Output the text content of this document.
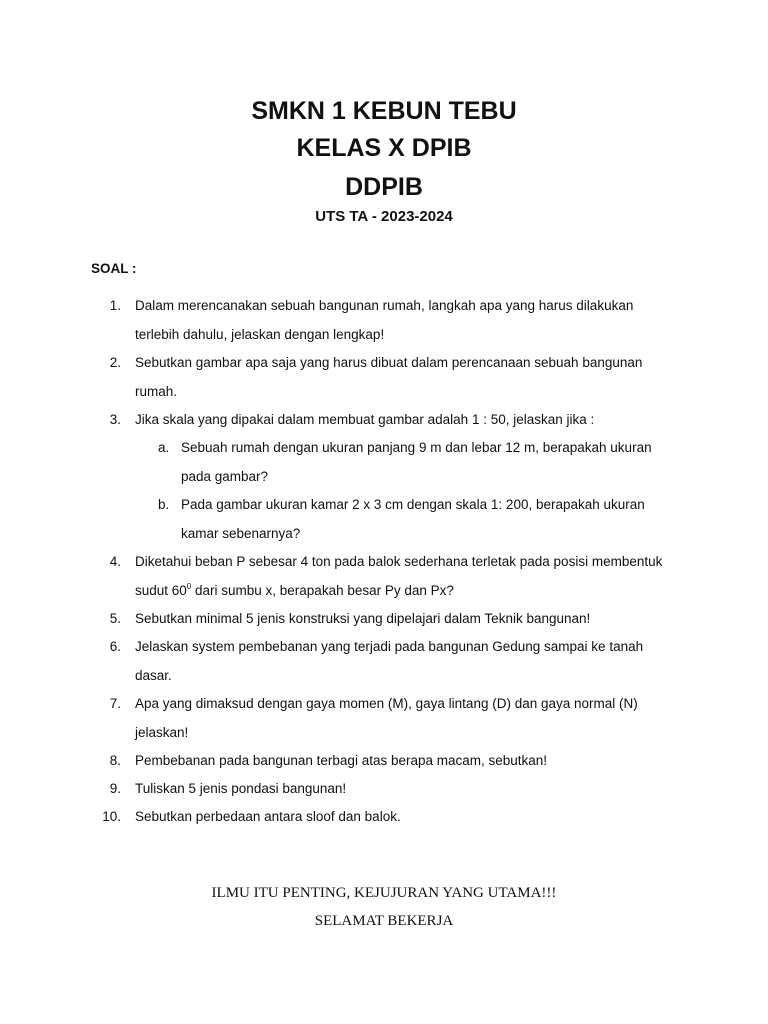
SMKN 1 KEBUN TEBU
KELAS X DPIB
DDPIB
UTS TA - 2023-2024
SOAL :
1. Dalam merencanakan sebuah bangunan rumah, langkah apa yang harus dilakukan
terlebih dahulu, jelaskan dengan lengkap!
2. Sebutkan gambar apa saja yang harus dibuat dalam perencanaan sebuah bangunan
rumah.
3. Jika skala yang dipakai dalam membuat gambar adalah 1 : 50, jelaskan jika :
a. Sebuah rumah dengan ukuran panjang 9 m dan lebar 12 m, berapakah ukuran
pada gambar?
b. Pada gambar ukuran kamar 2 x 3 cm dengan skala 1: 200, berapakah ukuran
kamar sebenarnya?
4. Diketahui beban P sebesar 4 ton pada balok sederhana terletak pada posisi membentuk
sudut $60^0$ dari sumbu x, berapakah besar Py dan Px?
5. Sebutkan minimal 5 jenis konstruksi yang dipelajari dalam Teknik bangunan!
6. Jelaskan system pembebanan yang terjadi pada bangunan Gedung sampai ke tanah
dasar.
7. Apa yang dimaksud dengan gaya momen (M), gaya lintang (D) dan gaya normal (N)
jelaskan!
8. Pembebanan pada bangunan terbagi atas berapa macam, sebutkan!
9. Tuliskan 5 jenis pondasi bangunan!
10. Sebutkan perbedaan antara sloof dan balok.
ILMU ITU PENTING, KEJUJURAN YANG UTAMA!!!
SELAMAT BEKERJA
